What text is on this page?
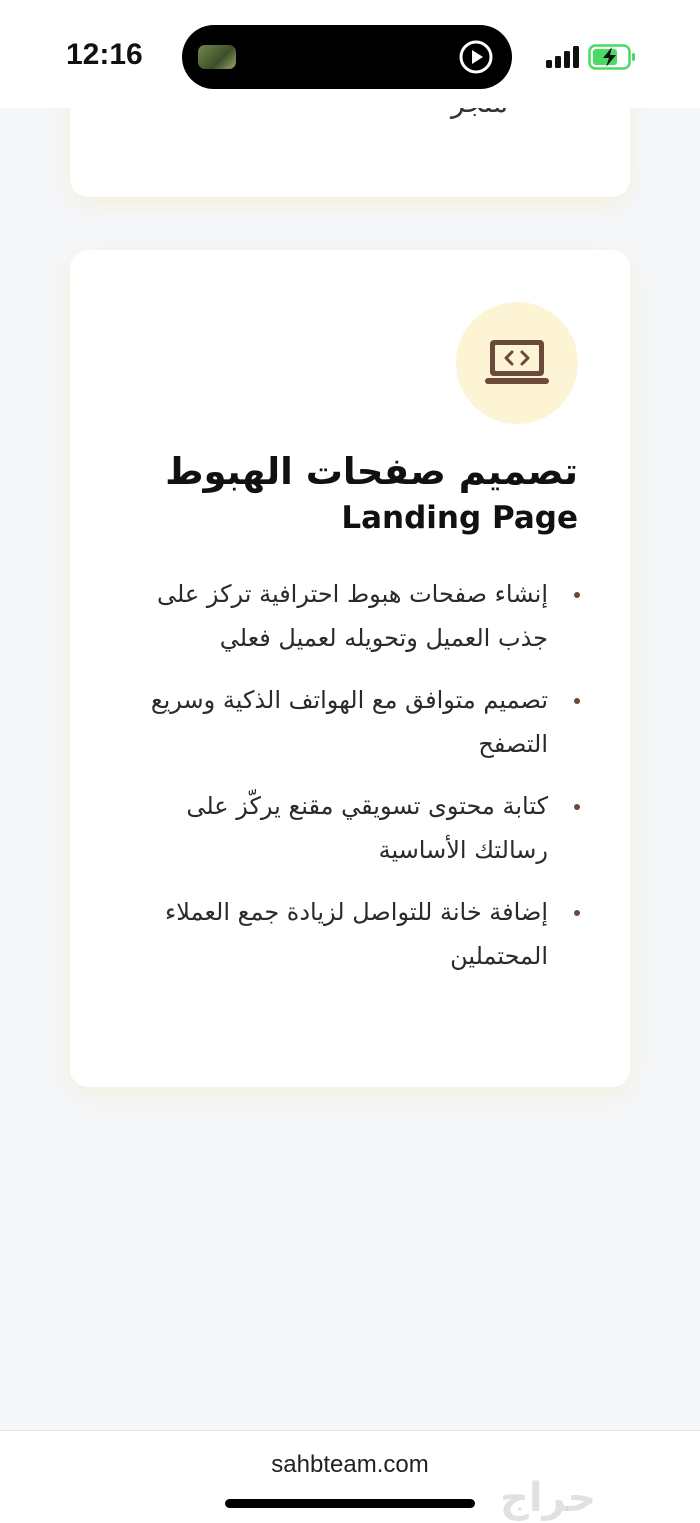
12:16
تصميم صفحات الهبوط
Landing Page
إنشاء صفحات هبوط احترافية تركز على جذب العميل وتحويله لعميل فعلي
تصميم متوافق مع الهواتف الذكية وسريع التصفح
كتابة محتوى تسويقي مقنع يركّز على رسالتك الأساسية
إضافة خانة للتواصل لزيادة جمع العملاء المحتملين
sahbteam.com
حراج
